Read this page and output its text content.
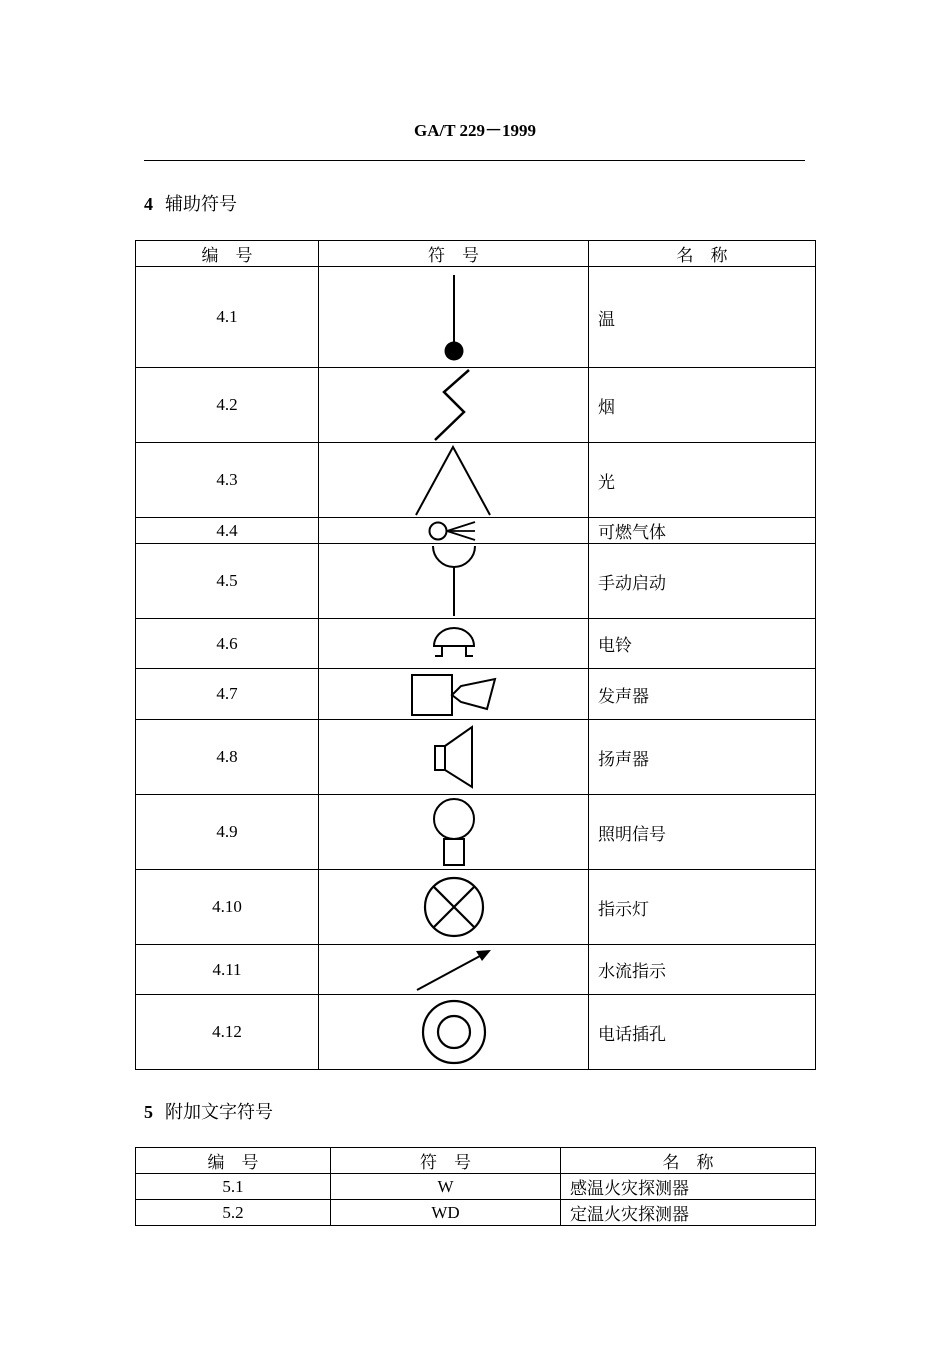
GA/T 229－1999
4 辅助符号
编　号	符　号	名　称
4.1		温
4.2		烟
4.3		光
4.4		可燃气体
4.5		手动启动
4.6		电铃
4.7		发声器
4.8		扬声器
4.9		照明信号
4.10		指示灯
4.11		水流指示
4.12		电话插孔
5 附加文字符号
编　号	符　号	名　称
5.1	W	感温火灾探测器
5.2	WD	定温火灾探测器
